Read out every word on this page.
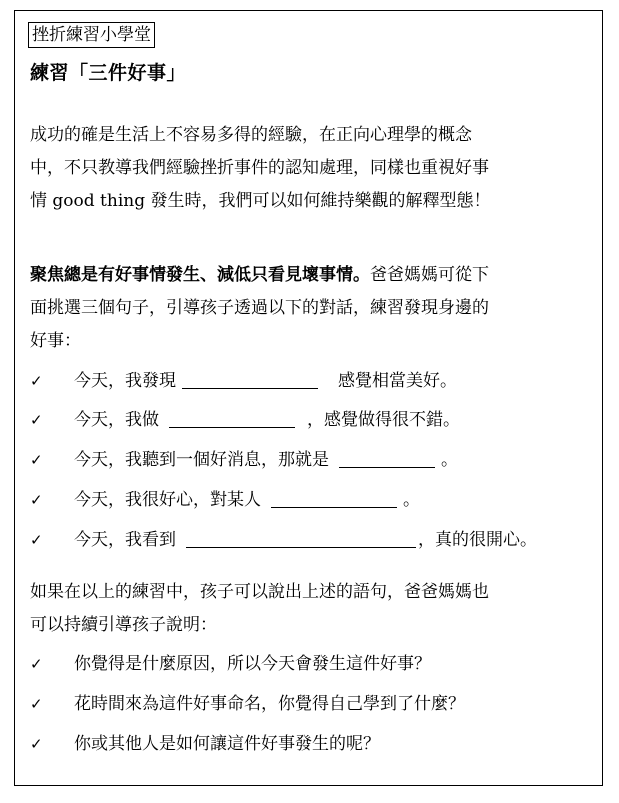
挫折練習小學堂
練習「三件好事」
成功的確是生活上不容易多得的經驗，在正向心理學的概念
中，不只教導我們經驗挫折事件的認知處理，同樣也重視好事
情 good thing 發生時，我們可以如何維持樂觀的解釋型態！
聚焦總是有好事情發生、減低只看見壞事情。爸爸媽媽可從下
面挑選三個句子，引導孩子透過以下的對話，練習發現身邊的
好事：
✓ 今天，我發現	感覺相當美好。
✓ 今天，我做	，感覺做得很不錯。
✓ 今天，我聽到一個好消息，那就是	。
✓ 今天，我很好心，對某人	。
✓ 今天，我看到	，真的很開心。
如果在以上的練習中，孩子可以說出上述的語句，爸爸媽媽也
可以持續引導孩子說明：
✓ 你覺得是什麼原因，所以今天會發生這件好事？
✓ 花時間來為這件好事命名，你覺得自己學到了什麼？
✓ 你或其他人是如何讓這件好事發生的呢？
